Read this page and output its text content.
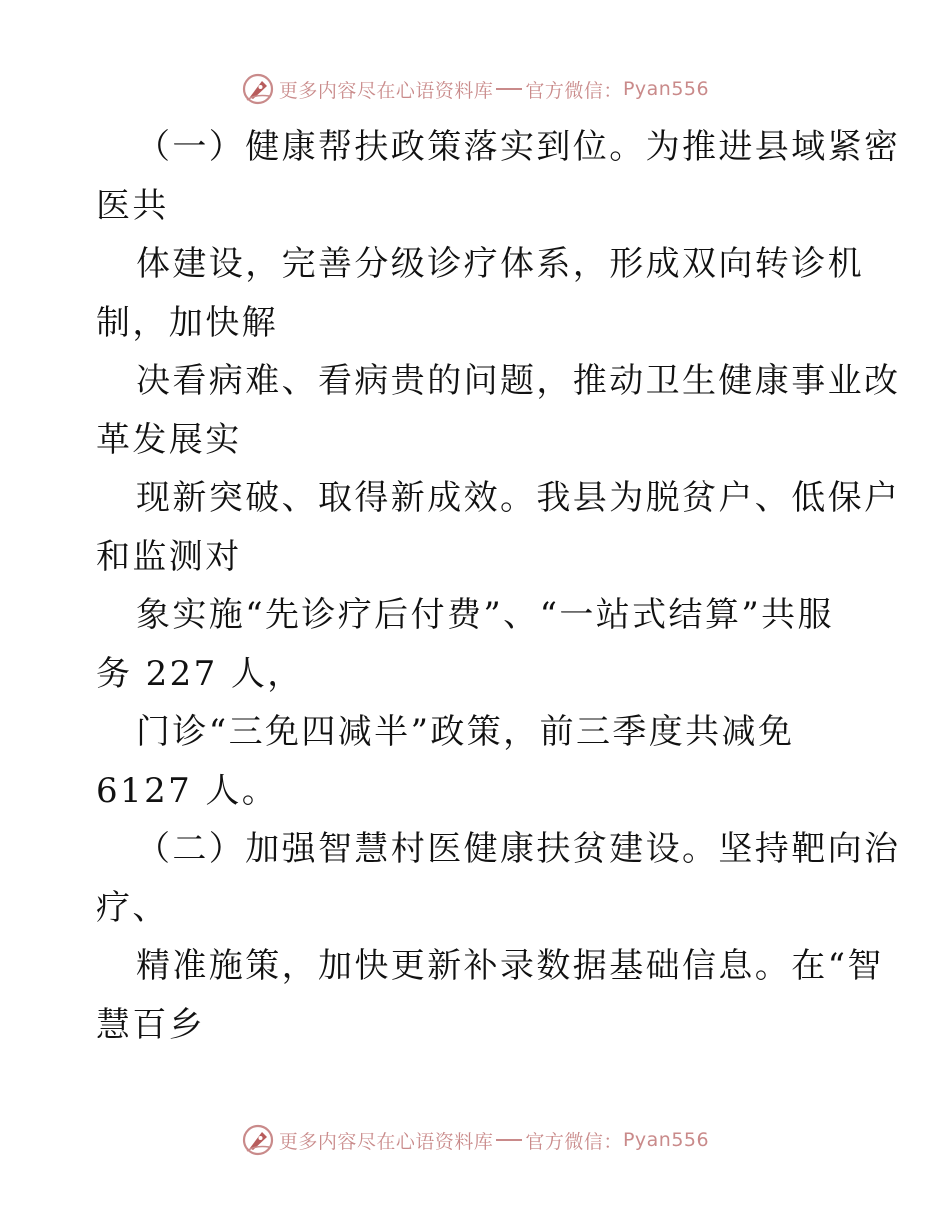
更多内容尽在心语资料库 官方微信： Pyan556
（一）健康帮扶政策落实到位。为推进县域紧密
医共
体建设，完善分级诊疗体系，形成双向转诊机
制，加快解
决看病难、看病贵的问题，推动卫生健康事业改
革发展实
现新突破、取得新成效。我县为脱贫户、低保户
和监测对
象实施“先诊疗后付费”、“一站式结算”共服
务 227 人，
门诊“三免四减半”政策，前三季度共减免
6127 人。
（二）加强智慧村医健康扶贫建设。坚持靶向治
疗、
精准施策，加快更新补录数据基础信息。在“智
慧百乡
更多内容尽在心语资料库 官方微信： Pyan556
